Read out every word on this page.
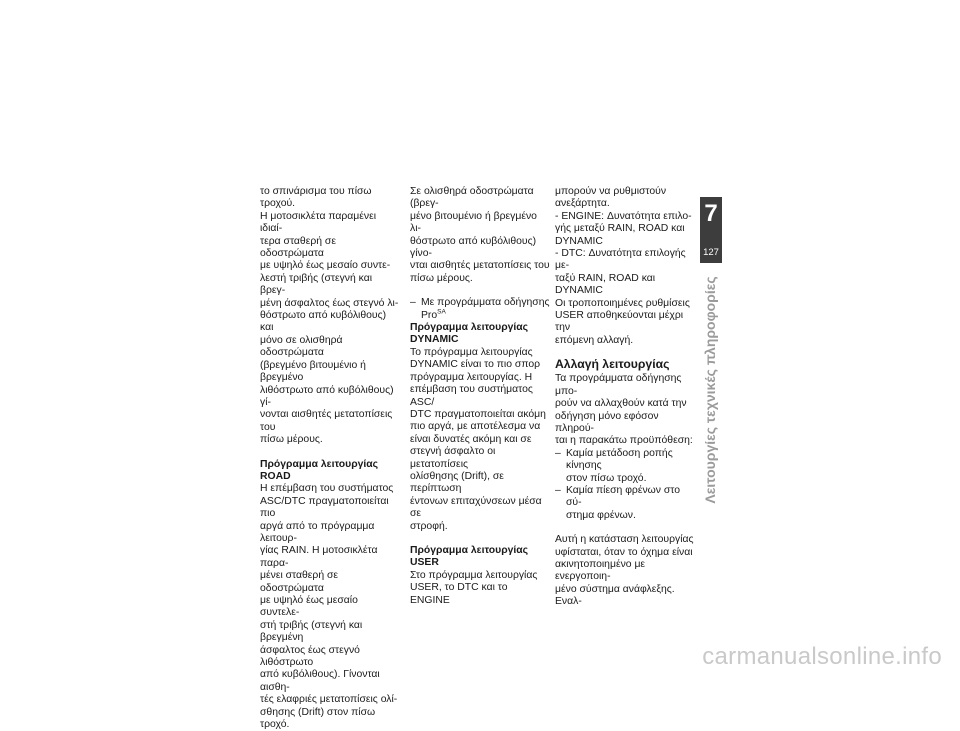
το σπινάρισμα του πίσω τροχού.
Η μοτοσικλέτα παραμένει ιδιαί-
τερα σταθερή σε οδοστρώματα
με υψηλό έως μεσαίο συντε-
λεστή τριβής (στεγνή και βρεγ-
μένη άσφαλτος έως στεγνό λι-
θόστρωτο από κυβόλιθους) και
μόνο σε ολισθηρά οδοστρώματα
(βρεγμένο βιτουμένιο ή βρεγμένο
λιθόστρωτο από κυβόλιθους) γί-
νονται αισθητές μετατοπίσεις του
πίσω μέρους.

Πρόγραμμα λειτουργίας
ROAD

Η επέμβαση του συστήματος
ASC/DTC πραγματοποιείται πιο
αργά από το πρόγραμμα λειτουρ-
γίας RAIN. Η μοτοσικλέτα παρα-
μένει σταθερή σε οδοστρώματα
με υψηλό έως μεσαίο συντελε-
στή τριβής (στεγνή και βρεγμένη
άσφαλτος έως στεγνό λιθόστρωτο
από κυβόλιθους). Γίνονται αισθη-
τές ελαφριές μετατοπίσεις ολί-
σθησης (Drift) στον πίσω τροχό.

Σε ολισθηρά οδοστρώματα (βρεγ-
μένο βιτουμένιο ή βρεγμένο λι-
θόστρωτο από κυβόλιθους) γίνο-
νται αισθητές μετατοπίσεις του
πίσω μέρους.

– Με προγράμματα οδήγησης
Pro$^{SA}$

Πρόγραμμα λειτουργίας
DYNAMIC

Το πρόγραμμα λειτουργίας
DYNAMIC είναι το πιο σπορ
πρόγραμμα λειτουργίας. Η
επέμβαση του συστήματος ASC/
DTC πραγματοποιείται ακόμη
πιο αργά, με αποτέλεσμα να
είναι δυνατές ακόμη και σε
στεγνή άσφαλτο οι μετατοπίσεις
ολίσθησης (Drift), σε περίπτωση
έντονων επιταχύνσεων μέσα σε
στροφή.

Πρόγραμμα λειτουργίας
USER

Στο πρόγραμμα λειτουργίας
USER, το DTC και το ENGINE

μπορούν να ρυθμιστούν
ανεξάρτητα.
- ENGINE: Δυνατότητα επιλο-
γής μεταξύ RAIN, ROAD και
DYNAMIC
- DTC: Δυνατότητα επιλογής με-
ταξύ RAIN, ROAD και DYNAMIC
Οι τροποποιημένες ρυθμίσεις
USER αποθηκεύονται μέχρι την
επόμενη αλλαγή.

Αλλαγή λειτουργίας

Τα προγράμματα οδήγησης μπο-
ρούν να αλλαχθούν κατά την
οδήγηση μόνο εφόσον πληρού-
ται η παρακάτω προϋπόθεση:

– Καμία μετάδοση ροπής κίνησης
στον πίσω τροχό.
– Καμία πίεση φρένων στο σύ-
στημα φρένων.

Αυτή η κατάσταση λειτουργίας
υφίσταται, όταν το όχημα είναι
ακινητοποιημένο με ενεργοποιη-
μένο σύστημα ανάφλεξης. Εναλ-

7
127
Λειτουργίες τεχνικές πληροφορίες
carmanualsonline.info
